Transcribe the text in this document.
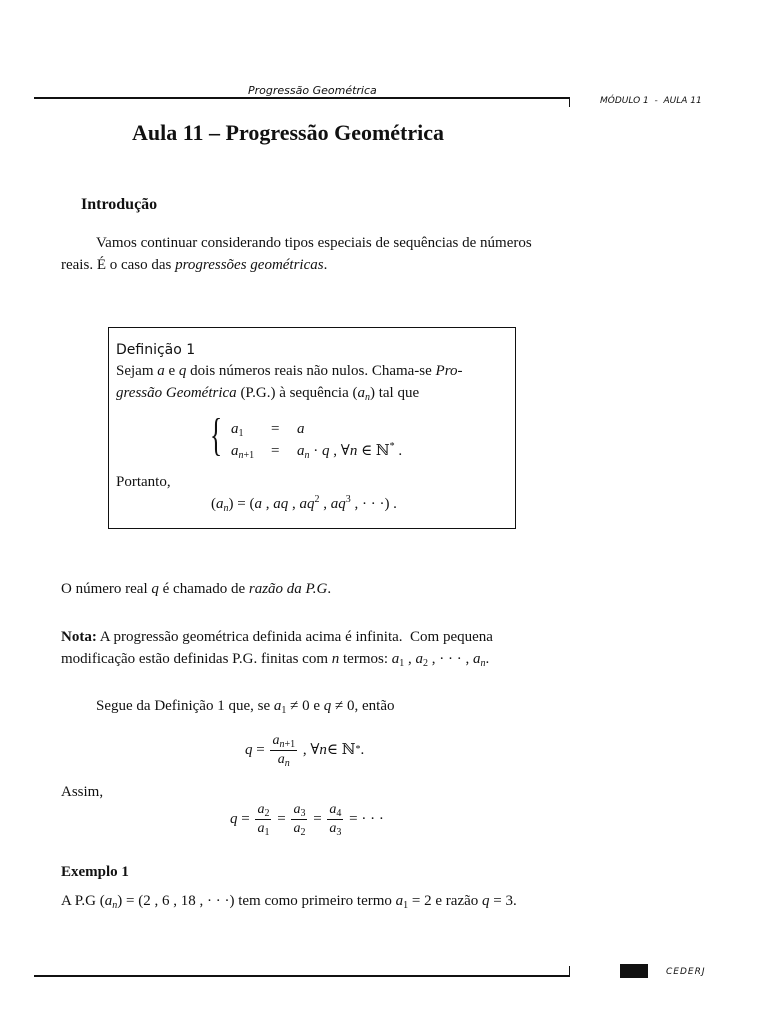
Progressão Geométrica
MÓDULO 1  -  AULA 11
Aula 11 – Progressão Geométrica
Introdução
Vamos continuar considerando tipos especiais de sequências de números
reais. É o caso das progressões geométricas.
Definição 1
Sejam a e q dois números reais não nulos. Chama-se Pro-
gressão Geométrica (P.G.) à sequência $(a_n)$ tal que
{ $a_1 = a$
$a_{n+1} = a_n \cdot q$ , ∀n ∈ ℕ* .
Portanto,
$(a_n) = (a$ , aq , $aq^2$ , $aq^3$ , · · ·) .
O número real q é chamado de razão da P.G.
Nota: A progressão geométrica definida acima é infinita.  Com pequena
modificação estão definidas P.G. finitas com n termos: $a_1$ , $a_2$ , · · · , $a_n$.
Segue da Definição 1 que, se $a_1 \ne 0$ e q ≠ 0, então
$q = \frac{a_{n+1}}{a_n}$ , ∀ n ∈ ℕ * .
Assim,
$q = \frac{a_2}{a_1} = \frac{a_3}{a_2} = \frac{a_4}{a_3}$ = · · ·
Exemplo 1
A P.G $(a_n) = (2$ , 6 , 18 , · · ·) tem como primeiro termo $a_1 = 2$ e razão q = 3.
CEDERJ
